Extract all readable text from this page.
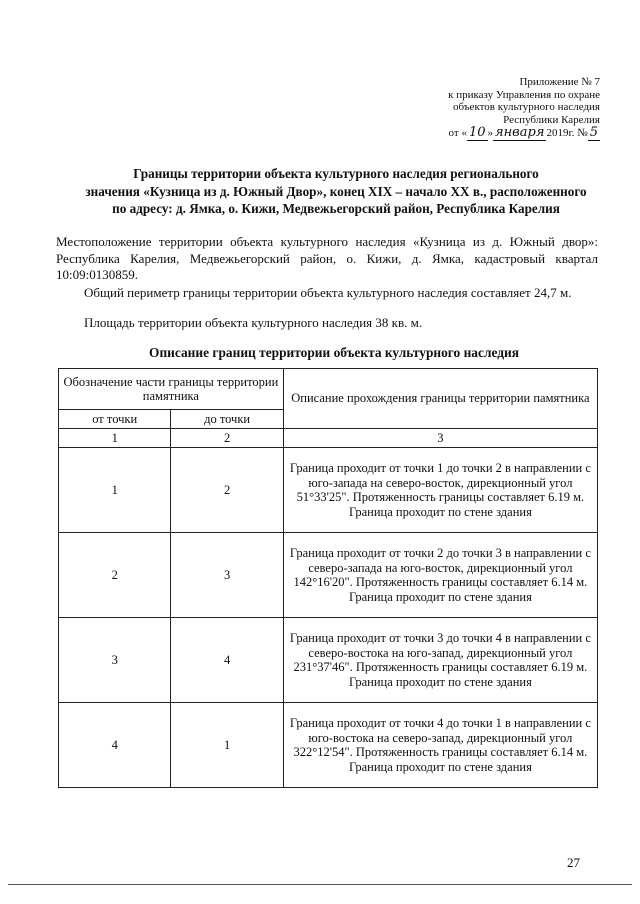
Приложение № 7
к приказу Управления по охране
объектов культурного наследия
Республики Карелия
от « 10 » января 2019г. № 5
Границы территории объекта культурного наследия регионального
значения «Кузница из д. Южный Двор», конец XIX – начало XX в., расположенного
по адресу: д. Ямка, о. Кижи, Медвежьегорский район, Республика Карелия
Местоположение территории объекта культурного наследия «Кузница из д. Южный двор»: Республика Карелия, Медвежьегорский район, о. Кижи, д. Ямка, кадастровый квартал 10:09:0130859.
Общий периметр границы территории объекта культурного наследия составляет 24,7 м.
Площадь территории объекта культурного наследия 38 кв. м.
Описание границ территории объекта культурного наследия
Обозначение части границы территории памятника		Описание прохождения границы территории памятника
от точки	до точки	
1	2	3
1	2	Граница проходит от точки 1 до точки 2 в направлении с юго-запада на северо-восток, дирекционный угол 51°33'25". Протяженность границы составляет 6.19 м. Граница проходит по стене здания
2	3	Граница проходит от точки 2 до точки 3 в направлении с северо-запада на юго-восток, дирекционный угол 142°16'20". Протяженность границы составляет 6.14 м. Граница проходит по стене здания
3	4	Граница проходит от точки 3 до точки 4 в направлении с северо-востока на юго-запад, дирекционный угол 231°37'46". Протяженность границы составляет 6.19 м. Граница проходит по стене здания
4	1	Граница проходит от точки 4 до точки 1 в направлении с юго-востока на северо-запад, дирекционный угол 322°12'54". Протяженность границы составляет 6.14 м. Граница проходит по стене здания
27
